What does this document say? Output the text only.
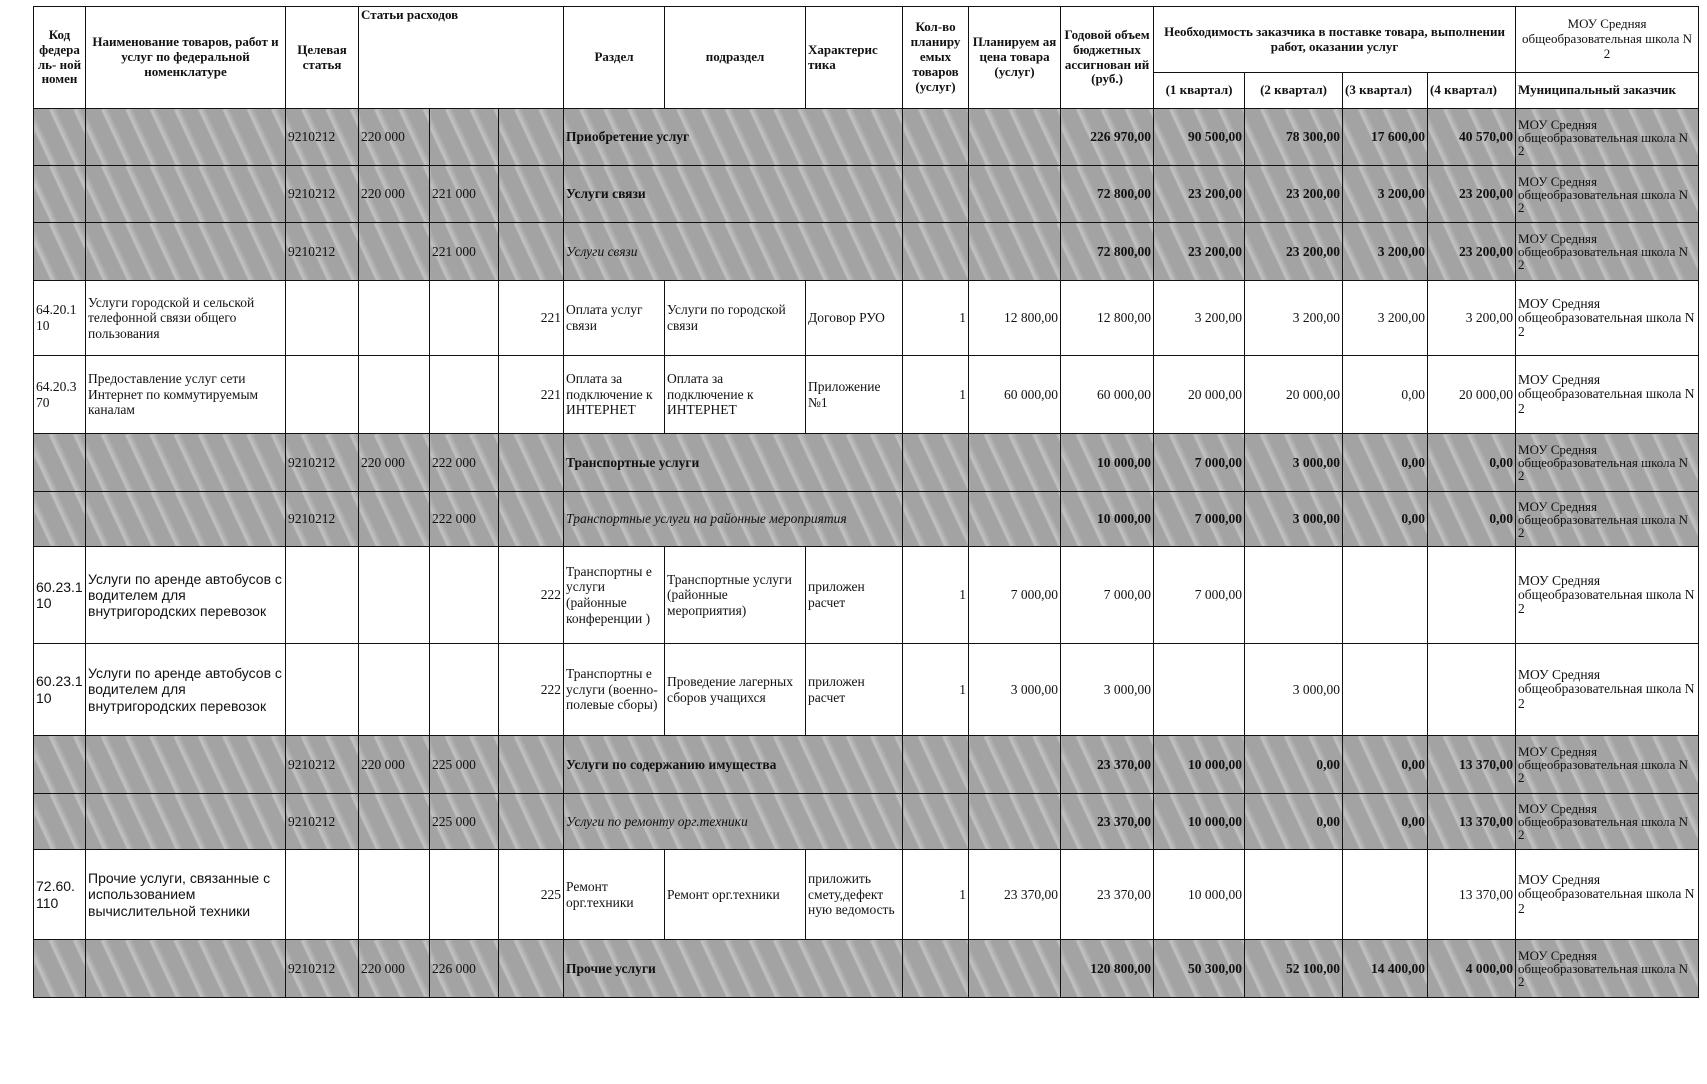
Код федера ль- ной номен	Наименование товаров, работ и услуг по федеральной номенклатуре	Целевая статья	Статьи расходов			Раздел	подраздел	Характерис тика	Кол-во планиру емых товаров (услуг)	Планируем ая цена товара (услуг)	Годовой объем бюджетных ассигнован ий (руб.)	Необходимость заказчика в поставке товара, выполнении работ, оказании услуг				МОУ Средняя общеобразовательная школа N 2
												(1 квартал)	(2 квартал)	(3 квартал)	(4 квартал)	Муниципальный заказчик
		9210212	220 000			Приобретение услуг					226 970,00	90 500,00	78 300,00	17 600,00	40 570,00	МОУ Средняя общеобразовательная школа N 2
		9210212	220 000	221 000		Услуги связи					72 800,00	23 200,00	23 200,00	3 200,00	23 200,00	МОУ Средняя общеобразовательная школа N 2
		9210212		221 000		Услуги связи					72 800,00	23 200,00	23 200,00	3 200,00	23 200,00	МОУ Средняя общеобразовательная школа N 2
64.20.1 10	Услуги городской и сельской телефонной связи общего пользования				221	Оплата услуг связи	Услуги по городской связи	Договор РУО	1	12 800,00	12 800,00	3 200,00	3 200,00	3 200,00	3 200,00	МОУ Средняя общеобразовательная школа N 2
64.20.3 70	Предоставление услуг сети Интернет по коммутируемым каналам				221	Оплата за подключение к ИНТЕРНЕТ	Оплата за подключение к ИНТЕРНЕТ	Приложение №1	1	60 000,00	60 000,00	20 000,00	20 000,00	0,00	20 000,00	МОУ Средняя общеобразовательная школа N 2
		9210212	220 000	222 000		Транспортные услуги					10 000,00	7 000,00	3 000,00	0,00	0,00	МОУ Средняя общеобразовательная школа N 2
		9210212		222 000		Транспортные услуги на районные мероприятия					10 000,00	7 000,00	3 000,00	0,00	0,00	МОУ Средняя общеобразовательная школа N 2
60.23.1 10	Услуги по аренде автобусов с водителем для внутригородских перевозок				222	Транспортны е услуги (районные конференции )	Транспортные услуги (районные мероприятия)	приложен расчет	1	7 000,00	7 000,00	7 000,00				МОУ Средняя общеобразовательная школа N 2
60.23.1 10	Услуги по аренде автобусов с водителем для внутригородских перевозок				222	Транспортны е услуги (военно-полевые сборы)	Проведение лагерных сборов учащихся	приложен расчет	1	3 000,00	3 000,00		3 000,00			МОУ Средняя общеобразовательная школа N 2
		9210212	220 000	225 000		Услуги по содержанию имущества					23 370,00	10 000,00	0,00	0,00	13 370,00	МОУ Средняя общеобразовательная школа N 2
		9210212		225 000		Услуги по ремонту орг.техники					23 370,00	10 000,00	0,00	0,00	13 370,00	МОУ Средняя общеобразовательная школа N 2
72.60. 110	Прочие услуги, связанные с использованием вычислительной техники				225	Ремонт орг.техники	Ремонт орг.техники	приложить смету,дефект ную ведомость	1	23 370,00	23 370,00	10 000,00			13 370,00	МОУ Средняя общеобразовательная школа N 2
		9210212	220 000	226 000		Прочие услуги					120 800,00	50 300,00	52 100,00	14 400,00	4 000,00	МОУ Средняя общеобразовательная школа N 2
